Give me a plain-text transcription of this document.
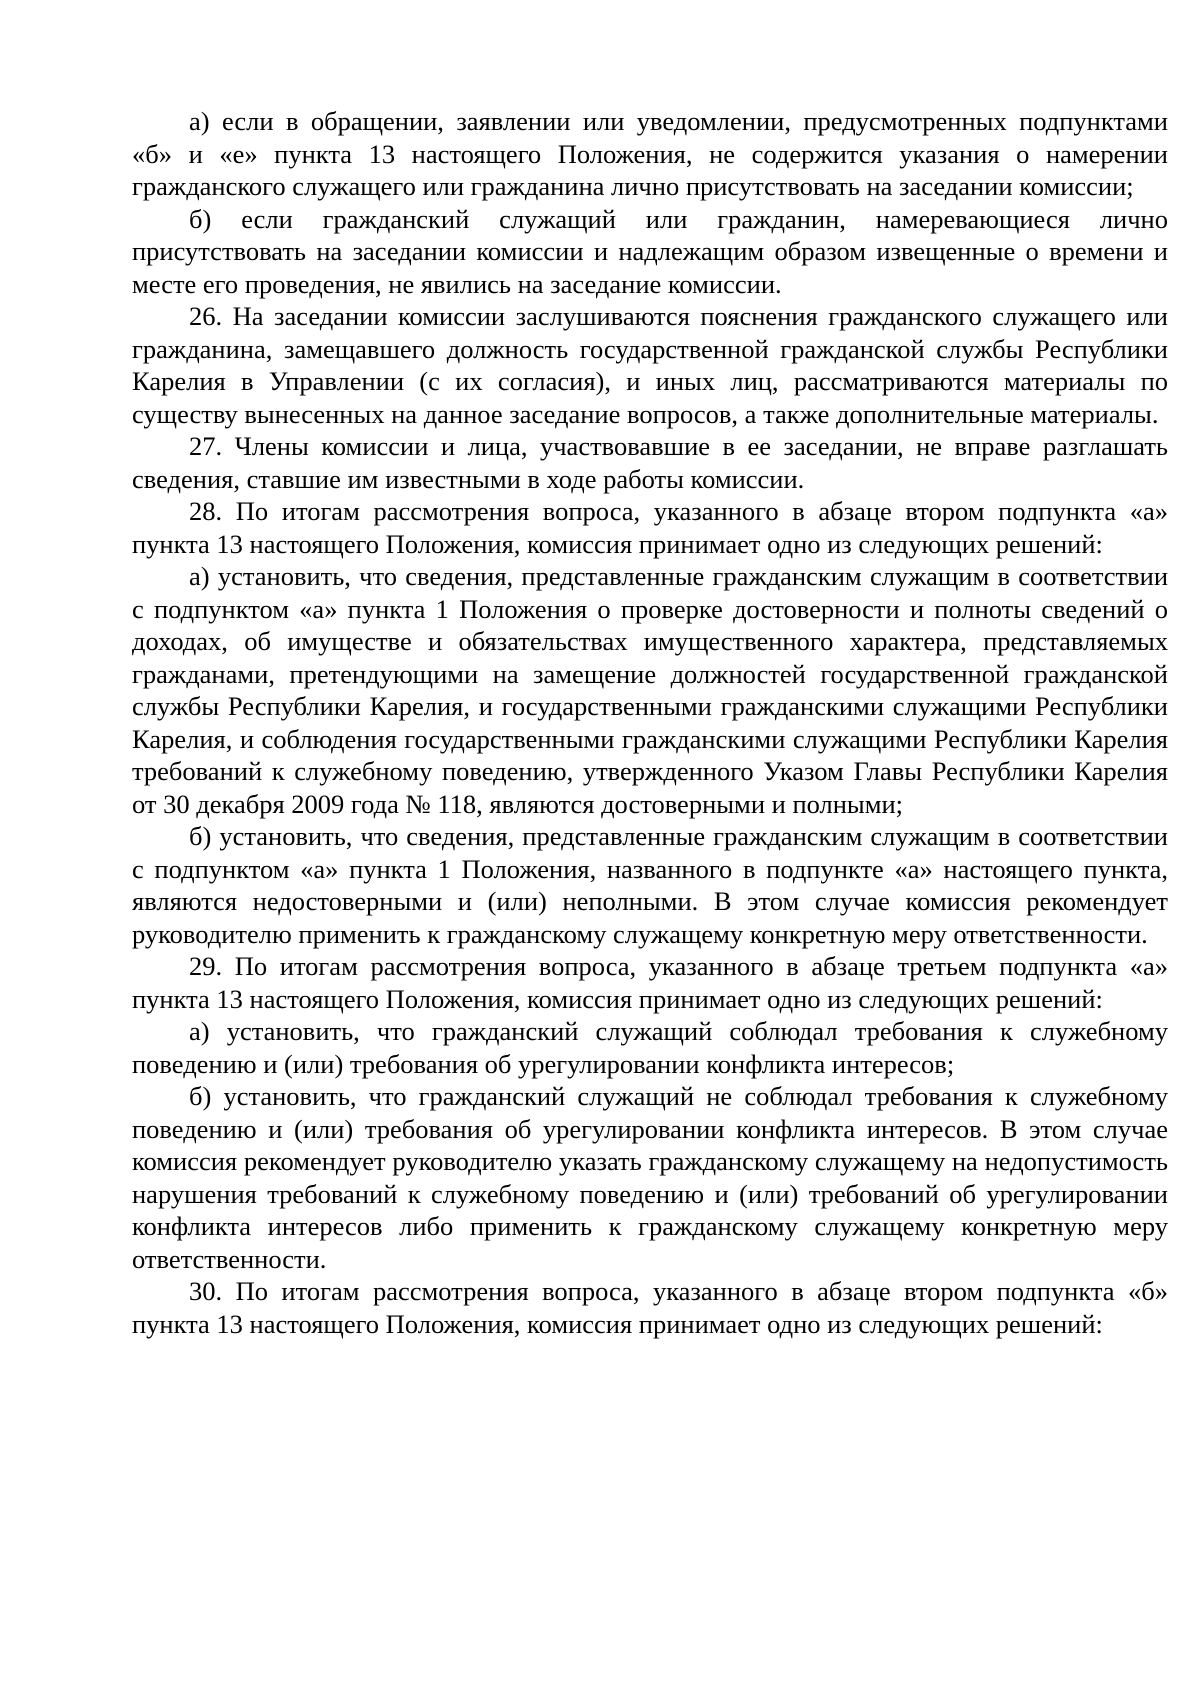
а) если в обращении, заявлении или уведомлении, предусмотренных подпунктами «б» и «е» пункта 13 настоящего Положения, не содержится указания о намерении гражданского служащего или гражданина лично присутствовать на заседании комиссии;

б) если гражданский служащий или гражданин, намеревающиеся лично присутствовать на заседании комиссии и надлежащим образом извещенные о времени и месте его проведения, не явились на заседание комиссии.

26. На заседании комиссии заслушиваются пояснения гражданского служащего или гражданина, замещавшего должность государственной гражданской службы Республики Карелия в Управлении (с их согласия), и иных лиц, рассматриваются материалы по существу вынесенных на данное заседание вопросов, а также дополнительные материалы.

27. Члены комиссии и лица, участвовавшие в ее заседании, не вправе разглашать сведения, ставшие им известными в ходе работы комиссии.

28. По итогам рассмотрения вопроса, указанного в абзаце втором подпункта «а» пункта 13 настоящего Положения, комиссия принимает одно из следующих решений:

а) установить, что сведения, представленные гражданским служащим в соответствии с подпунктом «а» пункта 1 Положения о проверке достоверности и полноты сведений о доходах, об имуществе и обязательствах имущественного характера, представляемых гражданами, претендующими на замещение должностей государственной гражданской службы Республики Карелия, и государственными гражданскими служащими Республики Карелия, и соблюдения государственными гражданскими служащими Республики Карелия требований к служебному поведению, утвержденного Указом Главы Республики Карелия от 30 декабря 2009 года № 118, являются достоверными и полными;

б) установить, что сведения, представленные гражданским служащим в соответствии с подпунктом «а» пункта 1 Положения, названного в подпункте «а» настоящего пункта, являются недостоверными и (или) неполными. В этом случае комиссия рекомендует руководителю применить к гражданскому служащему конкретную меру ответственности.

29. По итогам рассмотрения вопроса, указанного в абзаце третьем подпункта «а» пункта 13 настоящего Положения, комиссия принимает одно из следующих решений:

а) установить, что гражданский служащий соблюдал требования к служебному поведению и (или) требования об урегулировании конфликта интересов;

б) установить, что гражданский служащий не соблюдал требования к служебному поведению и (или) требования об урегулировании конфликта интересов. В этом случае комиссия рекомендует руководителю указать гражданскому служащему на недопустимость нарушения требований к служебному поведению и (или) требований об урегулировании конфликта интересов либо применить к гражданскому служащему конкретную меру ответственности.

30. По итогам рассмотрения вопроса, указанного в абзаце втором подпункта «б» пункта 13 настоящего Положения, комиссия принимает одно из следующих решений:
